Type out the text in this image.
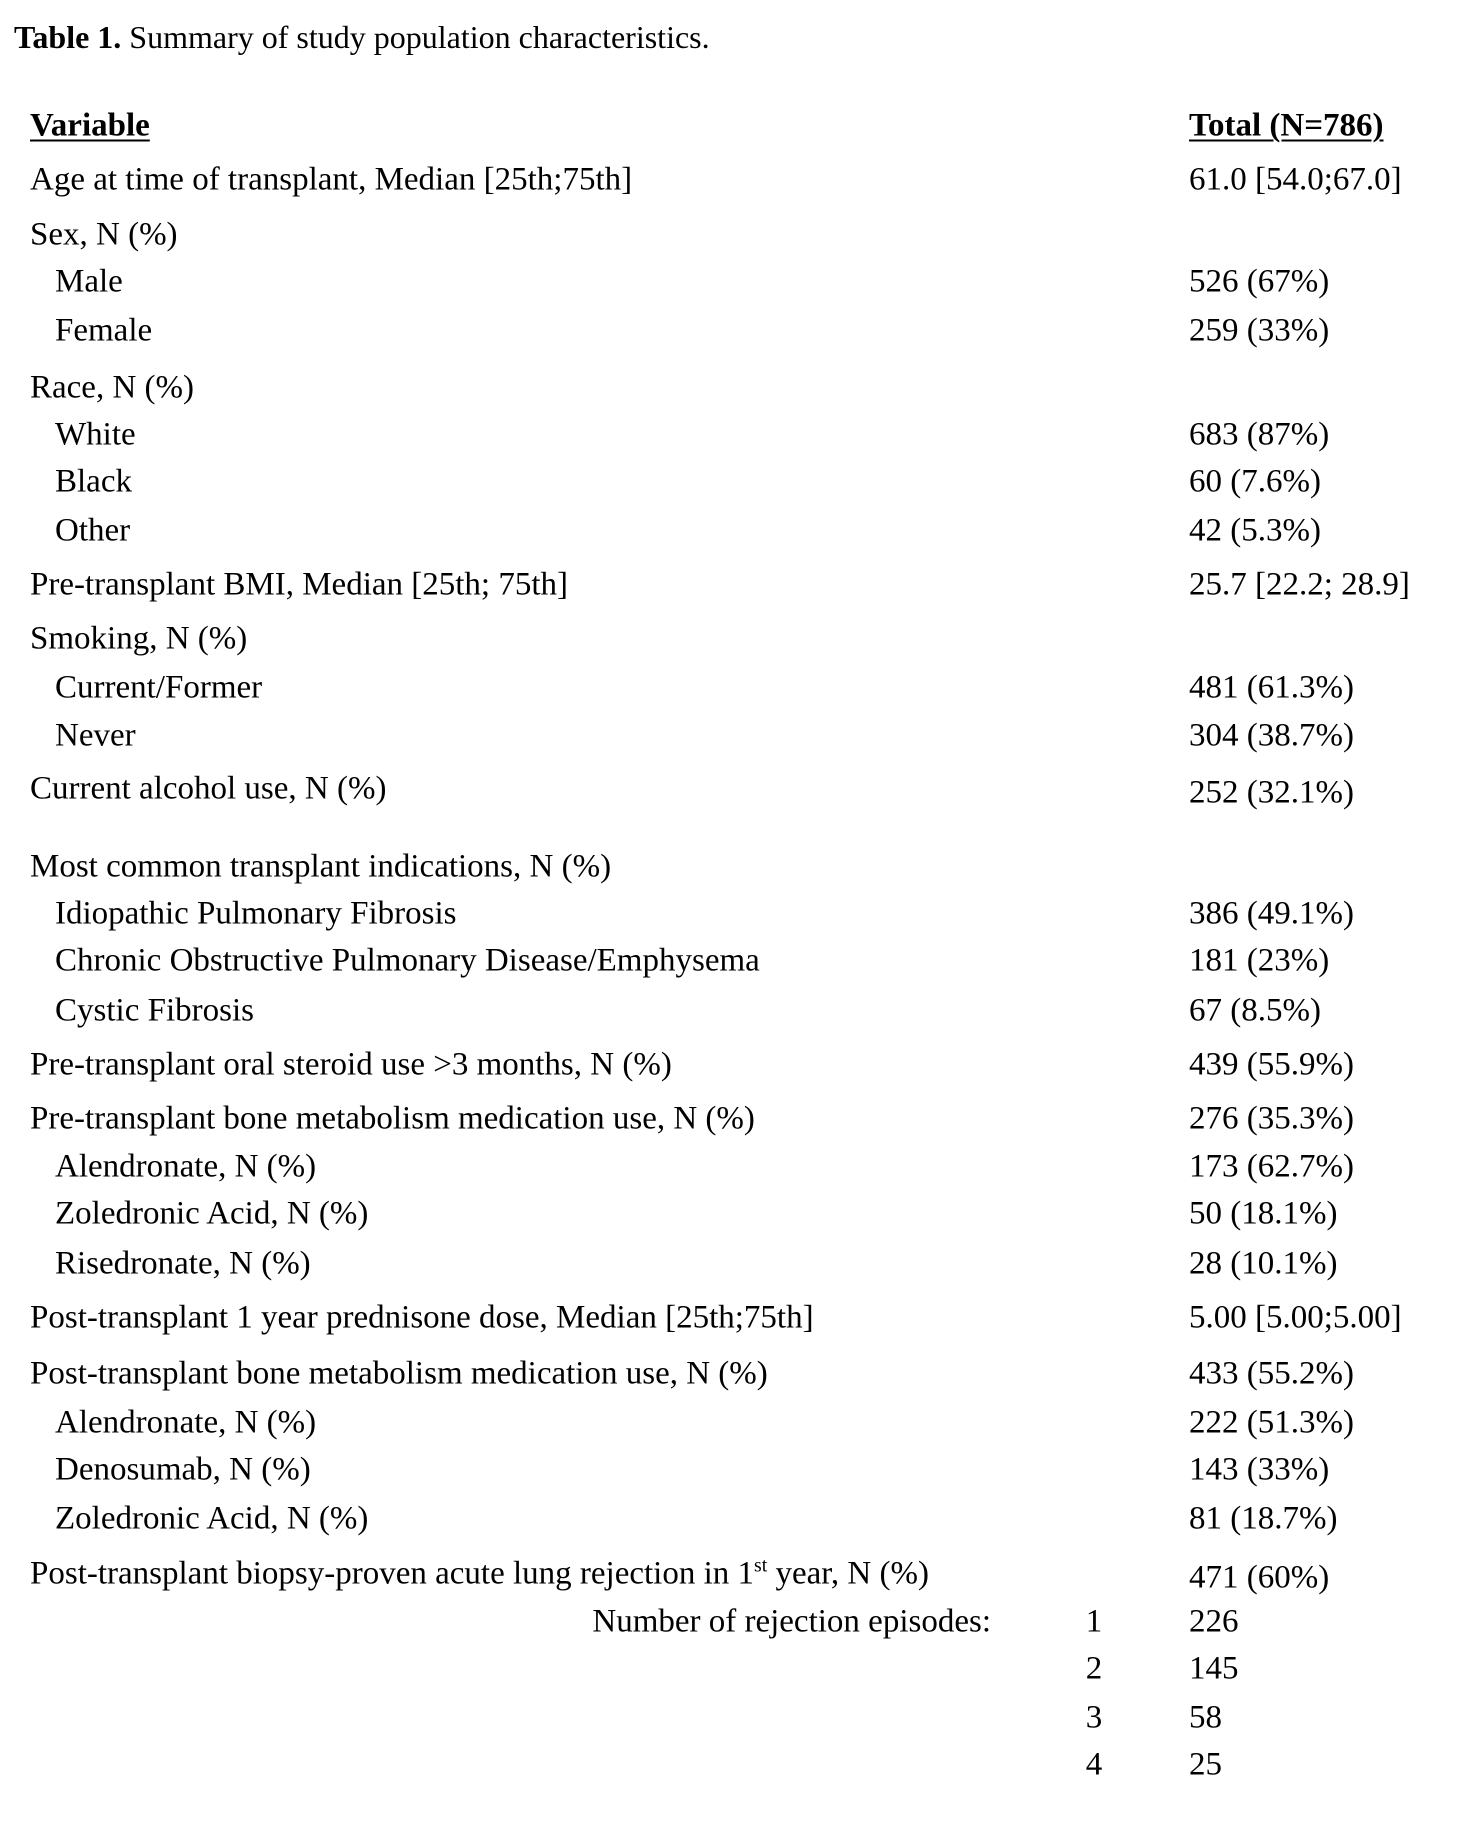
Table 1. Summary of study population characteristics.
Variable	Total (N=786)
Age at time of transplant, Median [25th;75th]	61.0 [54.0;67.0]
Sex, N (%)
Male	526 (67%)
Female	259 (33%)
Race, N (%)
White	683 (87%)
Black	60 (7.6%)
Other	42 (5.3%)
Pre-transplant BMI, Median [25th; 75th]	25.7 [22.2; 28.9]
Smoking, N (%)
Current/Former	481 (61.3%)
Never	304 (38.7%)
Current alcohol use, N (%)	252 (32.1%)
Most common transplant indications, N (%)
Idiopathic Pulmonary Fibrosis	386 (49.1%)
Chronic Obstructive Pulmonary Disease/Emphysema	181 (23%)
Cystic Fibrosis	67 (8.5%)
Pre-transplant oral steroid use >3 months, N (%)	439 (55.9%)
Pre-transplant bone metabolism medication use, N (%)	276 (35.3%)
Alendronate, N (%)	173 (62.7%)
Zoledronic Acid, N (%)	50 (18.1%)
Risedronate, N (%)	28 (10.1%)
Post-transplant 1 year prednisone dose, Median [25th;75th]	5.00 [5.00;5.00]
Post-transplant bone metabolism medication use, N (%)	433 (55.2%)
Alendronate, N (%)	222 (51.3%)
Denosumab, N (%)	143 (33%)
Zoledronic Acid, N (%)	81 (18.7%)
Post-transplant biopsy-proven acute lung rejection in 1st year, N (%)	471 (60%)
Number of rejection episodes:	1	226
2	145
3	58
4	25
